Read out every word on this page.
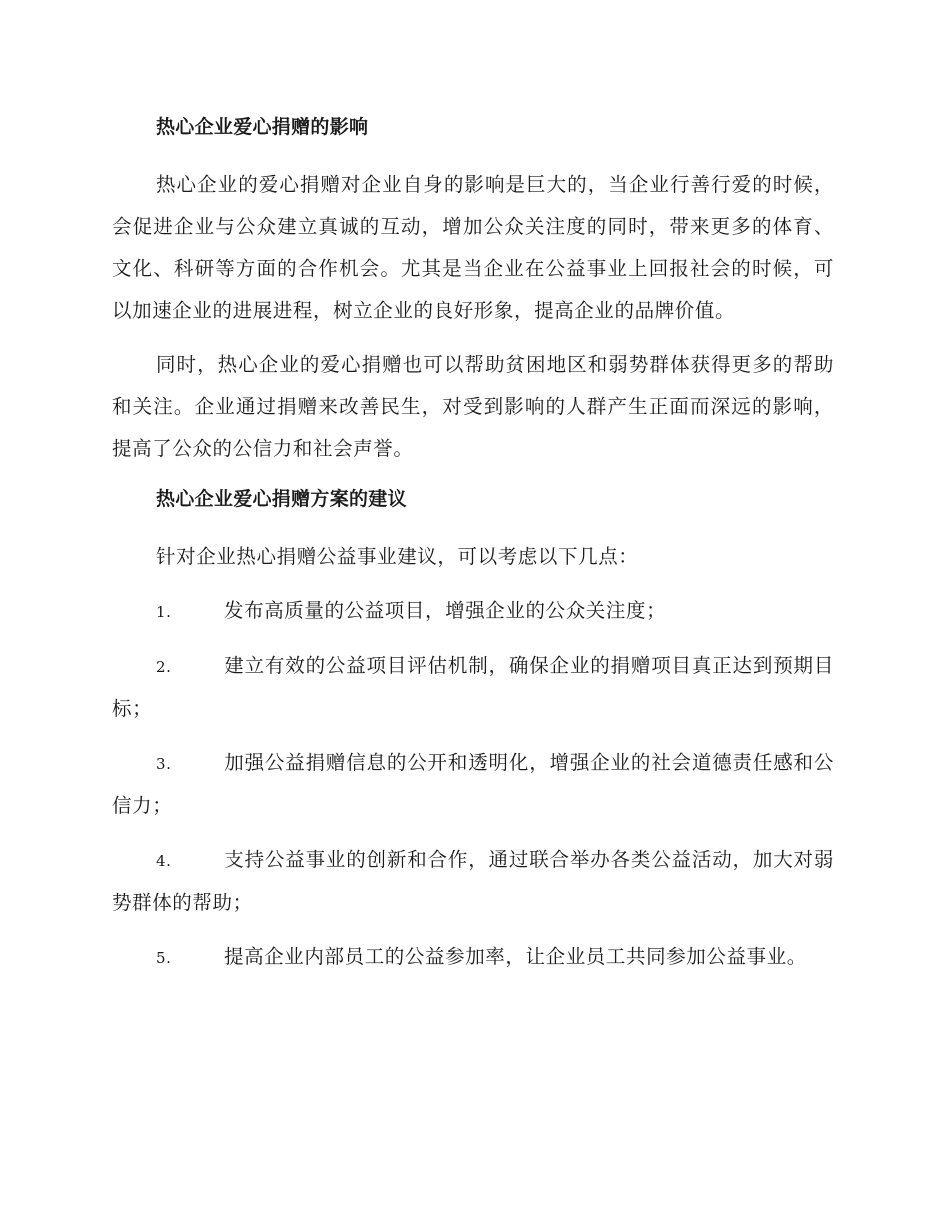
热心企业爱心捐赠的影响

热心企业的爱心捐赠对企业自身的影响是巨大的，当企业行善行爱的时候，会促进企业与公众建立真诚的互动，增加公众关注度的同时，带来更多的体育、文化、科研等方面的合作机会。尤其是当企业在公益事业上回报社会的时候，可以加速企业的进展进程，树立企业的良好形象，提高企业的品牌价值。

同时，热心企业的爱心捐赠也可以帮助贫困地区和弱势群体获得更多的帮助和关注。企业通过捐赠来改善民生，对受到影响的人群产生正面而深远的影响，提高了公众的公信力和社会声誉。

热心企业爱心捐赠方案的建议

针对企业热心捐赠公益事业建议，可以考虑以下几点：

1.	发布高质量的公益项目，增强企业的公众关注度；

2.	建立有效的公益项目评估机制，确保企业的捐赠项目真正达到预期目标；

3.	加强公益捐赠信息的公开和透明化，增强企业的社会道德责任感和公信力；

4.	支持公益事业的创新和合作，通过联合举办各类公益活动，加大对弱势群体的帮助；

5.	提高企业内部员工的公益参加率，让企业员工共同参加公益事业。
